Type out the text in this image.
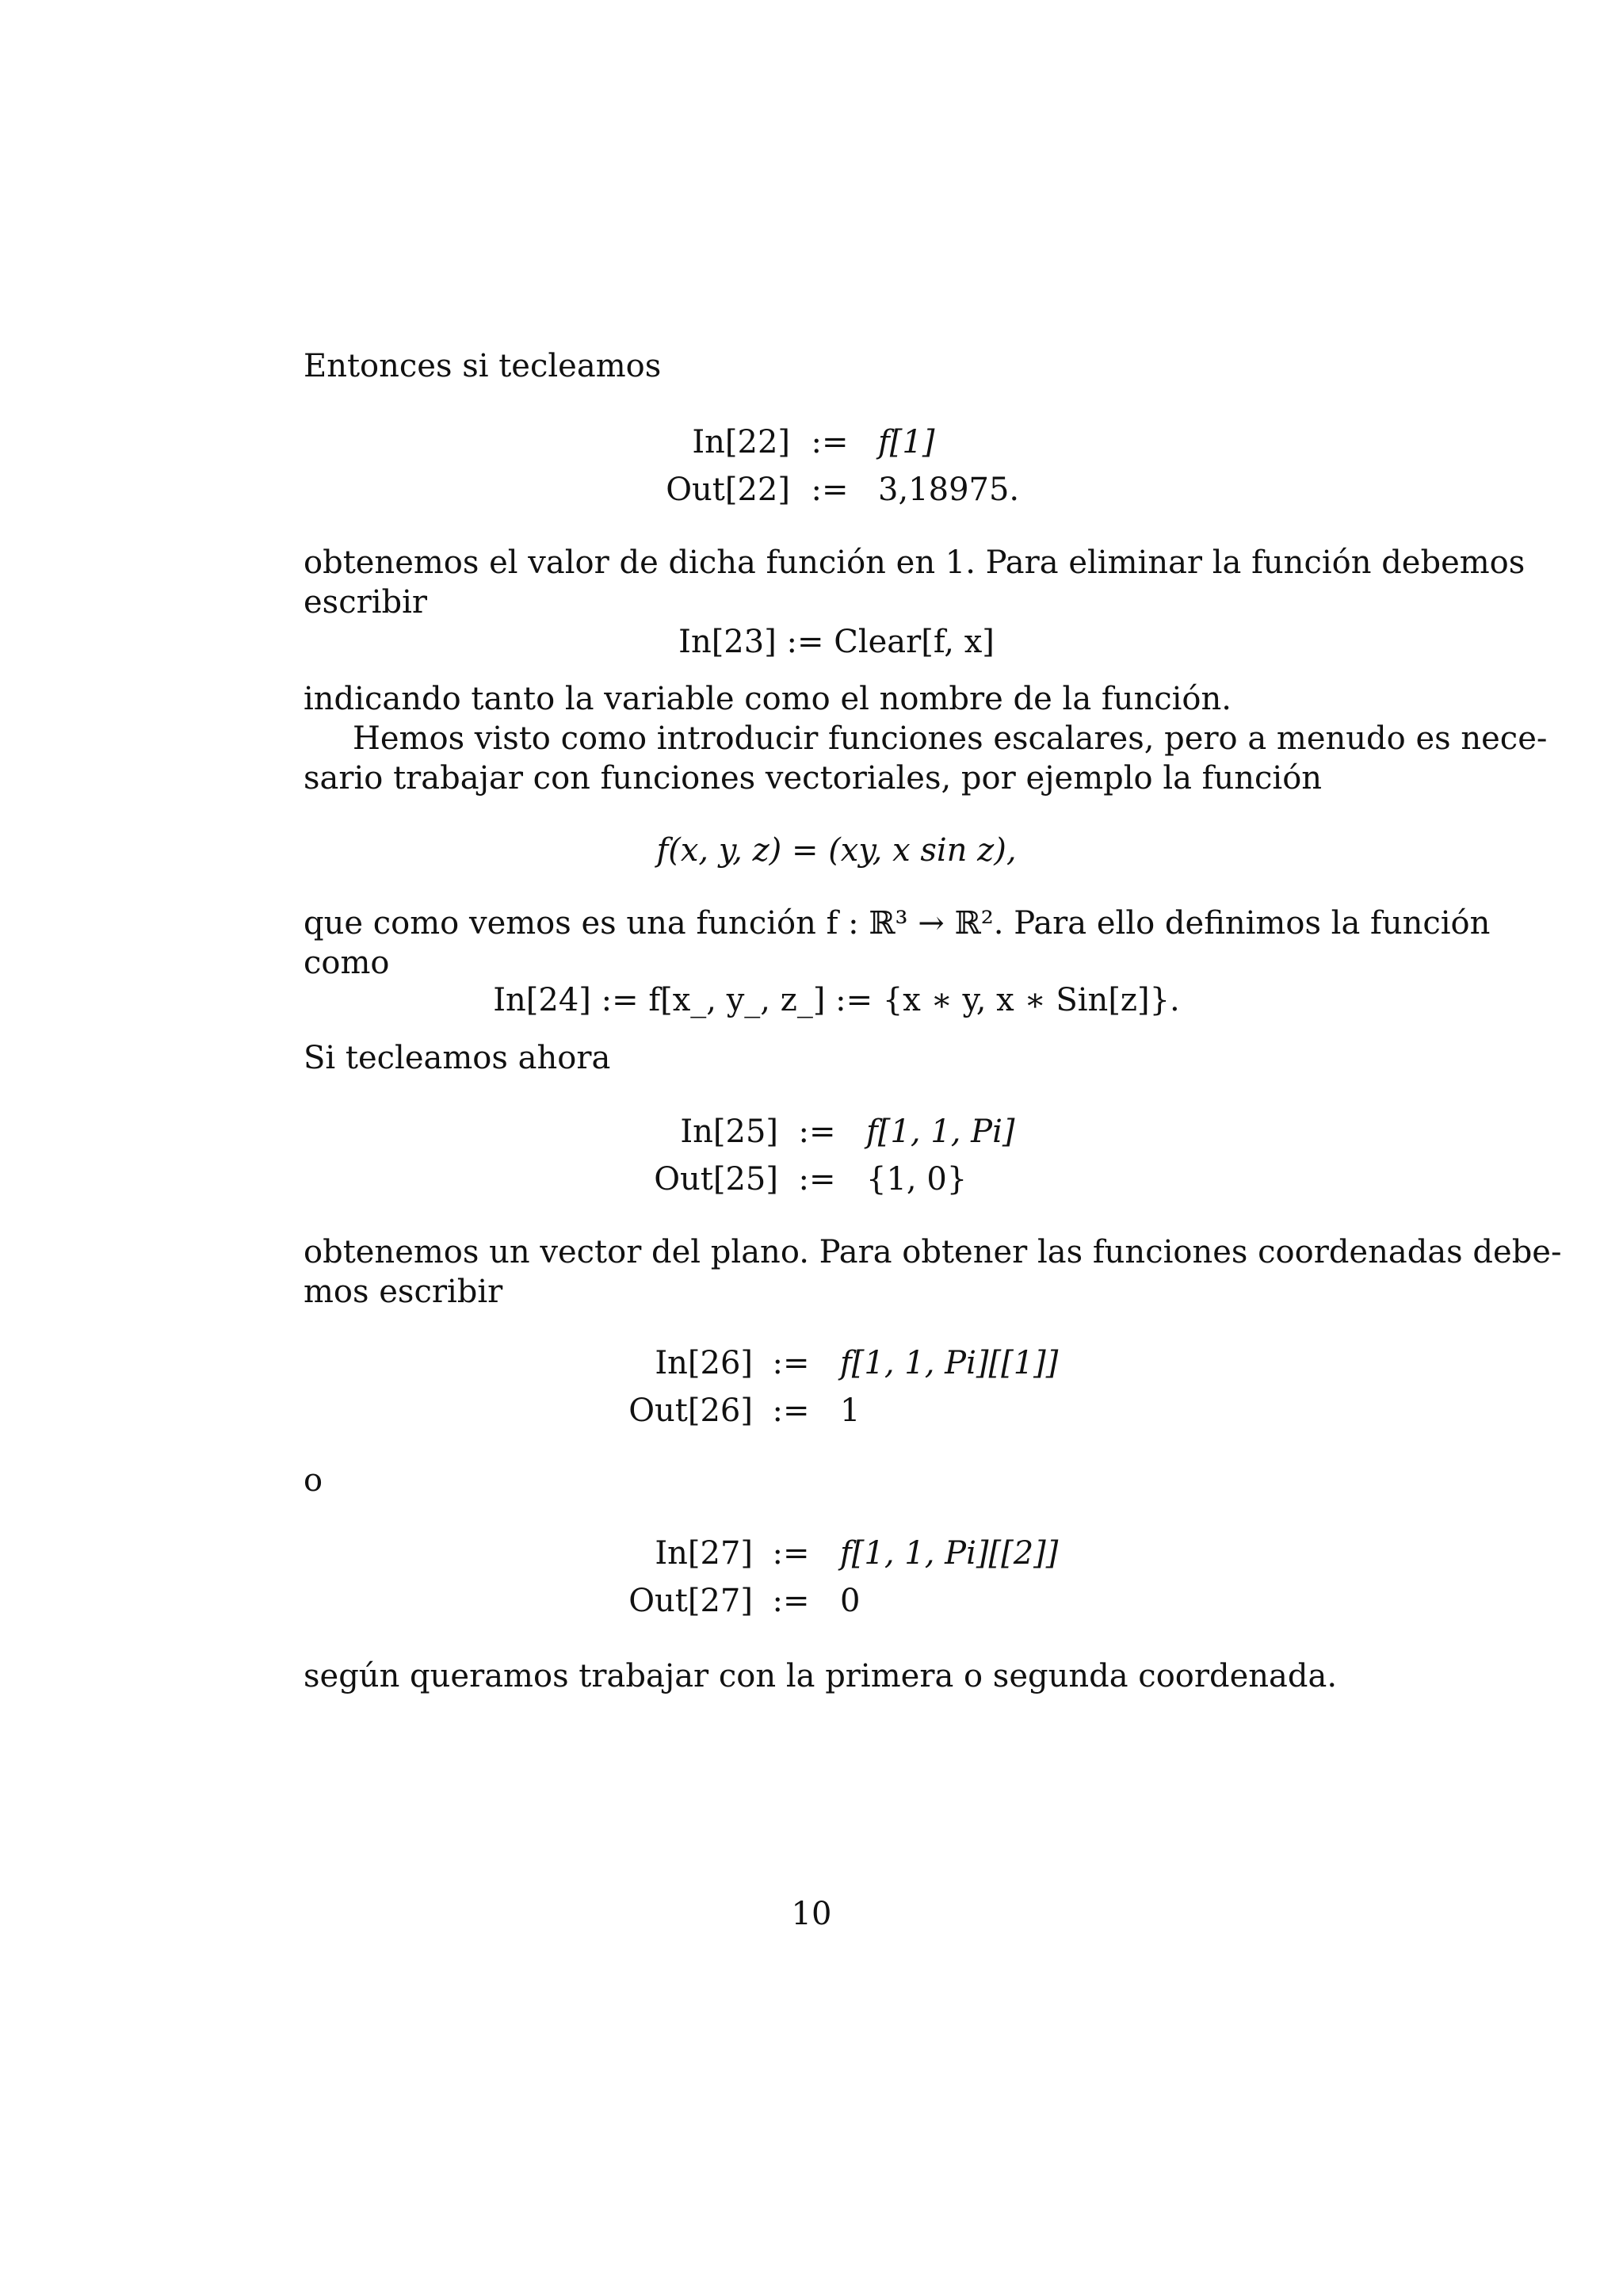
Entonces si tecleamos
In[22] := f[1]
Out[22] := 3,18975.
obtenemos el valor de dicha función en 1. Para eliminar la función debemos
escribir
In[23] := Clear[f, x]
indicando tanto la variable como el nombre de la función.
Hemos visto como introducir funciones escalares, pero a menudo es nece-
sario trabajar con funciones vectoriales, por ejemplo la función
f(x, y, z) = (xy, x sin z),
que como vemos es una función f : ℝ³ → ℝ². Para ello definimos la función
como
In[24] := f[x_, y_, z_] := {x ∗ y, x ∗ Sin[z]}.
Si tecleamos ahora
In[25] := f[1, 1, Pi]
Out[25] := {1, 0}
obtenemos un vector del plano. Para obtener las funciones coordenadas debe-
mos escribir
In[26] := f[1, 1, Pi][[1]]
Out[26] := 1
o
In[27] := f[1, 1, Pi][[2]]
Out[27] := 0
según queramos trabajar con la primera o segunda coordenada.
10
